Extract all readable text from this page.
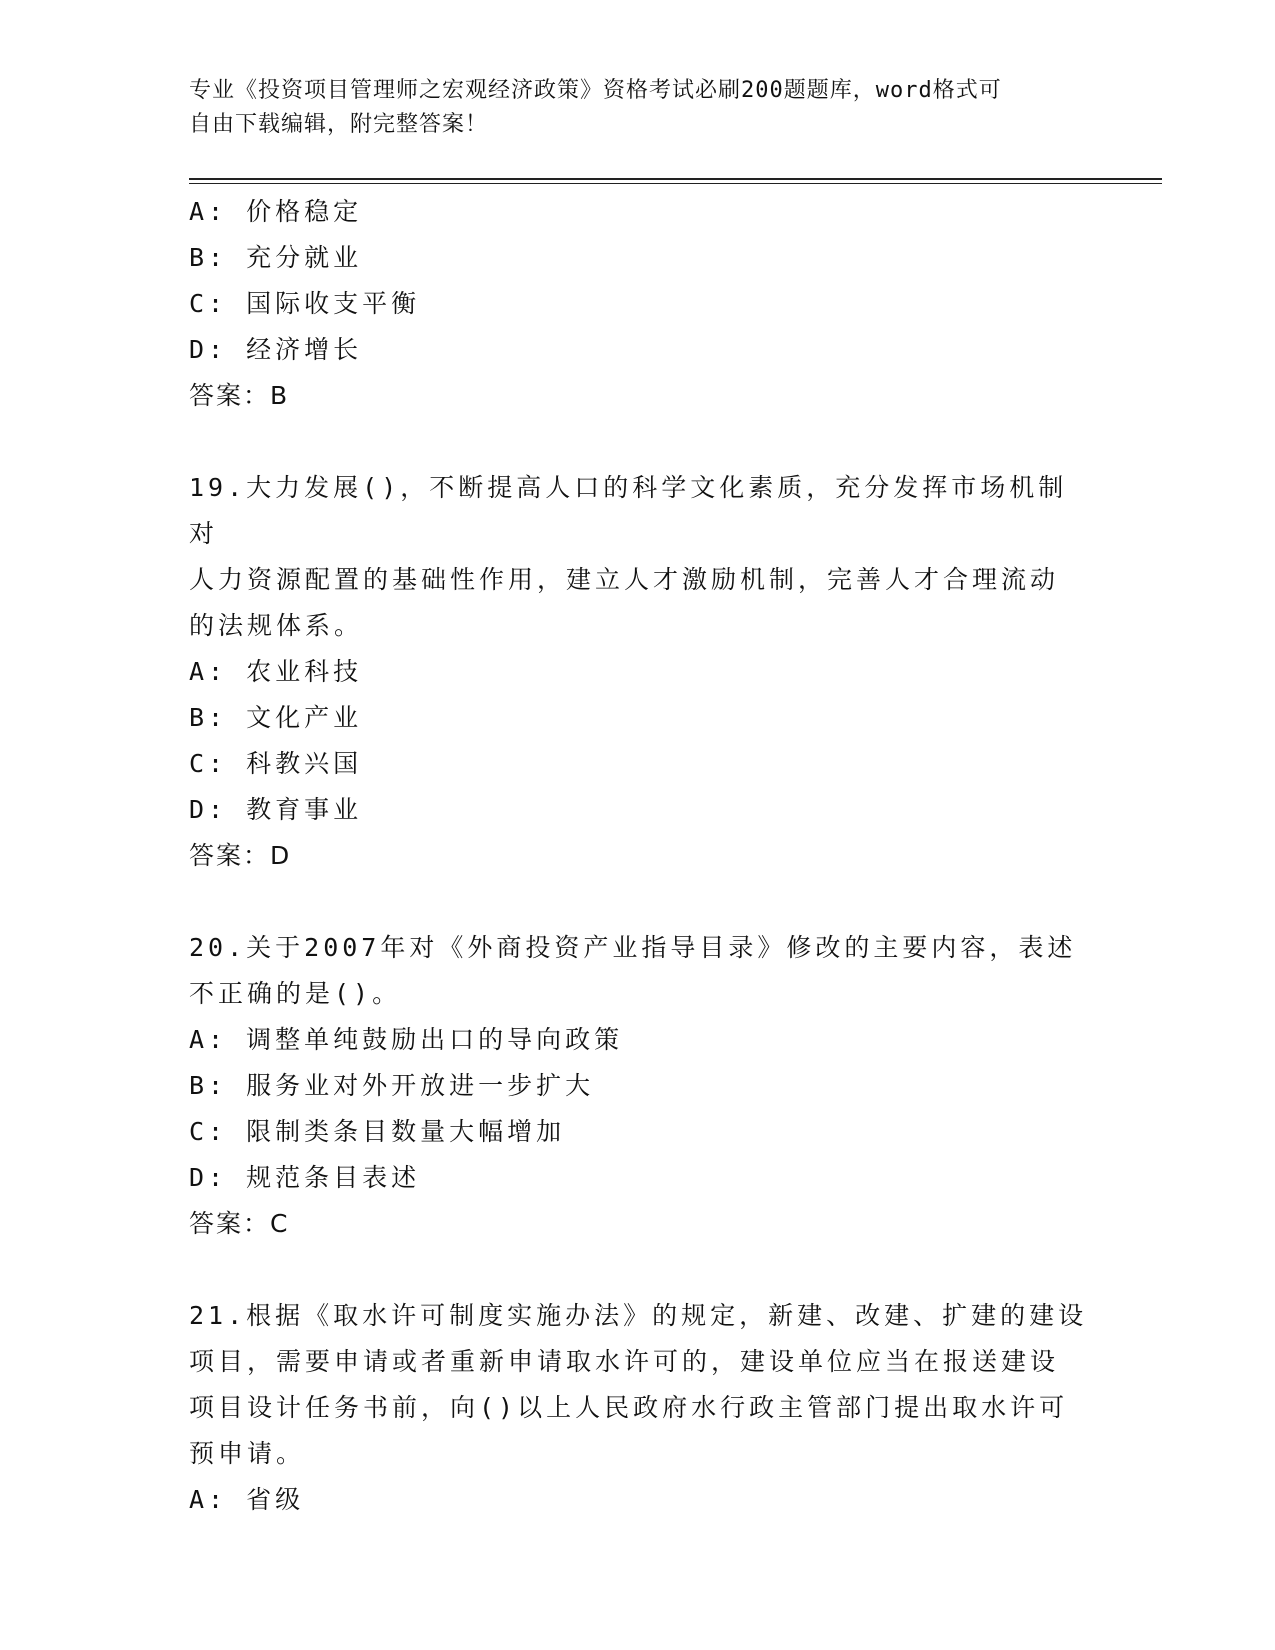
专业《投资项目管理师之宏观经济政策》资格考试必刷200题题库，word格式可
自由下载编辑，附完整答案！
A: 价格稳定
B: 充分就业
C: 国际收支平衡
D: 经济增长
答案：B
19.大力发展()，不断提高人口的科学文化素质，充分发挥市场机制对
人力资源配置的基础性作用，建立人才激励机制，完善人才合理流动
的法规体系。
A: 农业科技
B: 文化产业
C: 科教兴国
D: 教育事业
答案：D
20.关于2007年对《外商投资产业指导目录》修改的主要内容，表述
不正确的是()。
A: 调整单纯鼓励出口的导向政策
B: 服务业对外开放进一步扩大
C: 限制类条目数量大幅增加
D: 规范条目表述
答案：C
21.根据《取水许可制度实施办法》的规定，新建、改建、扩建的建设
项目，需要申请或者重新申请取水许可的，建设单位应当在报送建设
项目设计任务书前，向()以上人民政府水行政主管部门提出取水许可
预申请。
A: 省级
